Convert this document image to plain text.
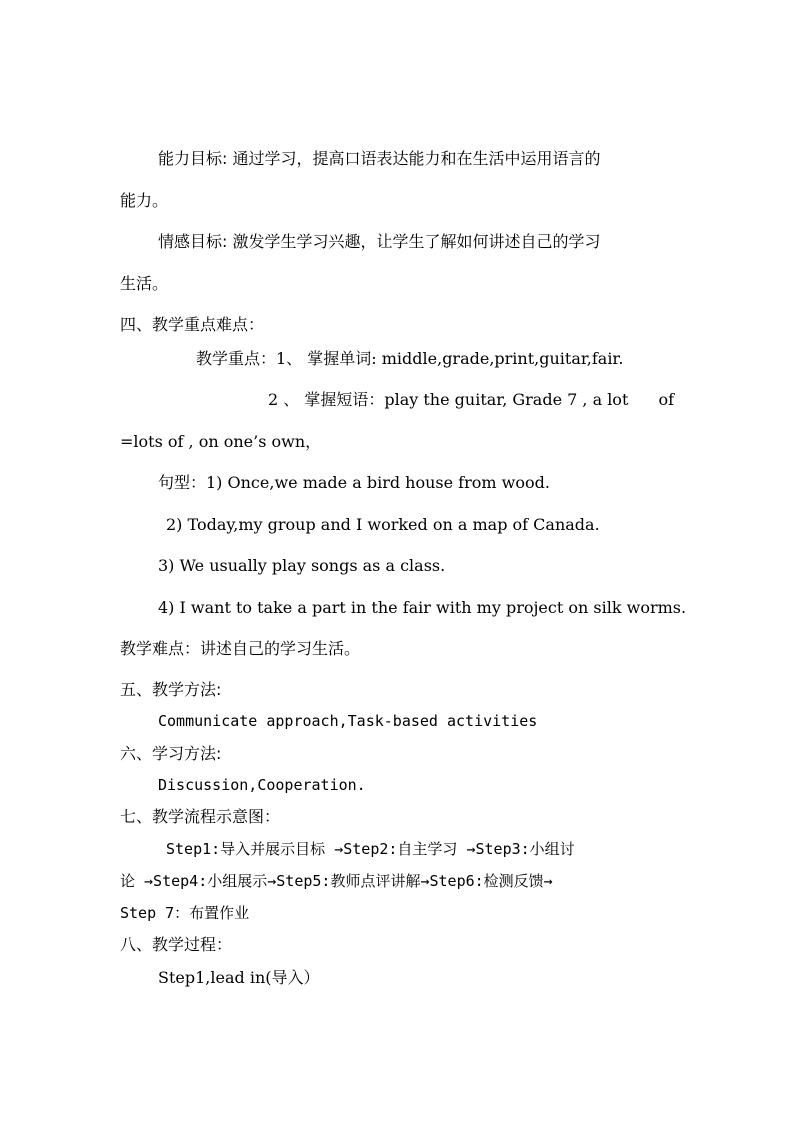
能力目标: 通过学习，提高口语表达能力和在生活中运用语言的
能力。
情感目标: 激发学生学习兴趣，让学生了解如何讲述自己的学习
生活。
四、教学重点难点：
教学重点：1、 掌握单词: middle,grade,print,guitar,fair.
2 、 掌握短语：play the guitar, Grade 7 , a lot of
=lots of , on one’s own，
句型：1) Once,we made a bird house from wood.
2) Today,my group and I worked on a map of Canada.
3) We usually play songs as a class.
4) I want to take a part in the fair with my project on silk worms.
教学难点：讲述自己的学习生活。
五、教学方法:
Communicate approach,Task-based activities
六、学习方法:
Discussion,Cooperation.
七、教学流程示意图：
Step1:导入并展示目标 →Step2:自主学习 →Step3:小组讨
论 →Step4:小组展示→Step5:教师点评讲解→Step6:检测反馈→
Step 7：布置作业
八、教学过程：
Step1,lead in(导入）
